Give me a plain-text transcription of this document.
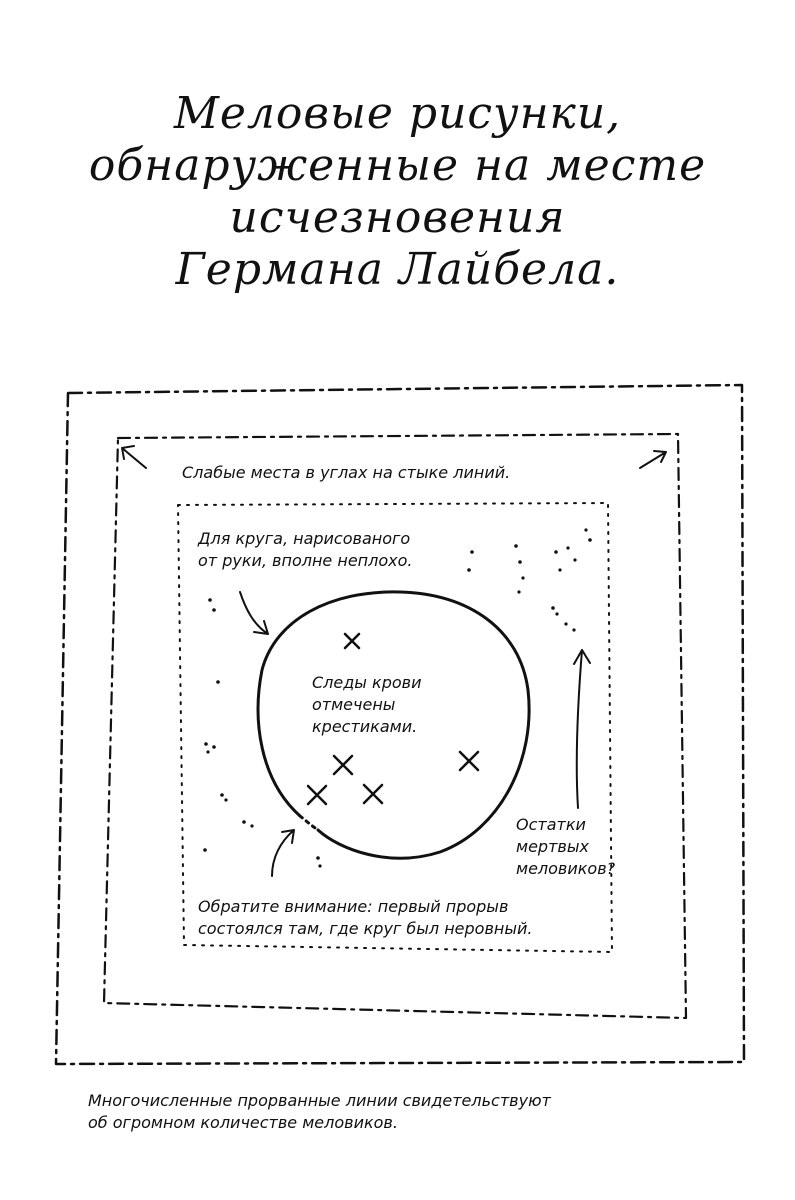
Меловые рисунки,
обнаруженные на месте
исчезновения
Германа Лайбела.
Слабые места в углах на стыке линий.
Для круга, нарисованого
от руки, вполне неплохо.
Следы крови
отмечены
крестиками.
Остатки
мертвых
меловиков?
Обратите внимание: первый прорыв
состоялся там, где круг был неровный.
Многочисленные прорванные линии свидетельствуют
об огромном количестве меловиков.
